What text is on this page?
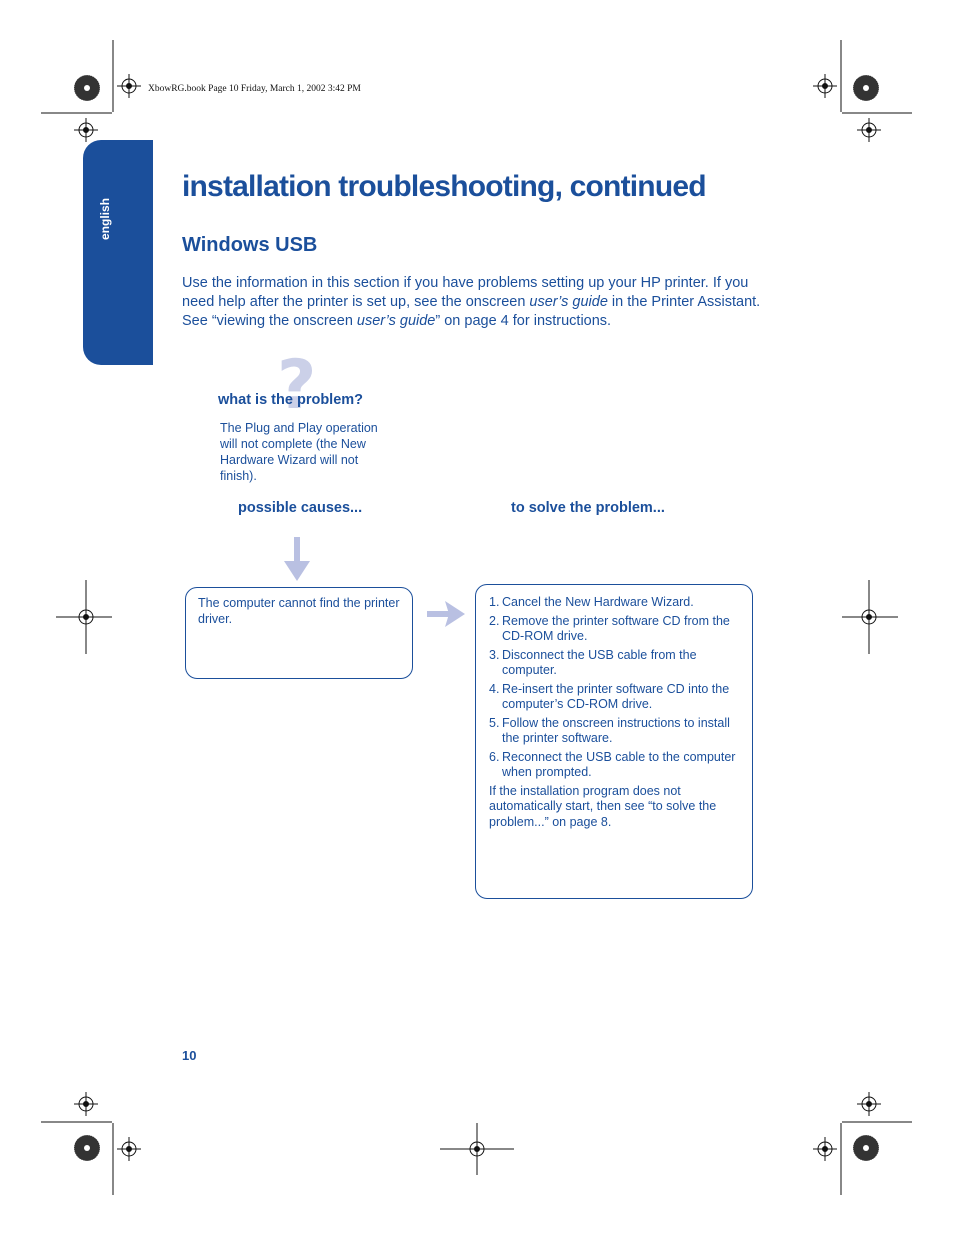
XbowRG.book Page 10 Friday, March 1, 2002 3:42 PM
english
installation troubleshooting, continued
Windows USB

Use the information in this section if you have problems setting up your HP printer. If you need help after the printer is set up, see the onscreen user’s guide in the Printer Assistant. See “viewing the onscreen user’s guide” on page 4 for instructions.

?
what is the problem?
The Plug and Play operation will not complete (the New Hardware Wizard will not finish).
possible causes...	to solve the problem...
The computer cannot find the printer driver.
1. Cancel the New Hardware Wizard.
2. Remove the printer software CD from the CD-ROM drive.
3. Disconnect the USB cable from the computer.
4. Re-insert the printer software CD into the computer’s CD-ROM drive.
5. Follow the onscreen instructions to install the printer software.
6. Reconnect the USB cable to the computer when prompted.
If the installation program does not automatically start, then see “to solve the problem...” on page 8.
10
